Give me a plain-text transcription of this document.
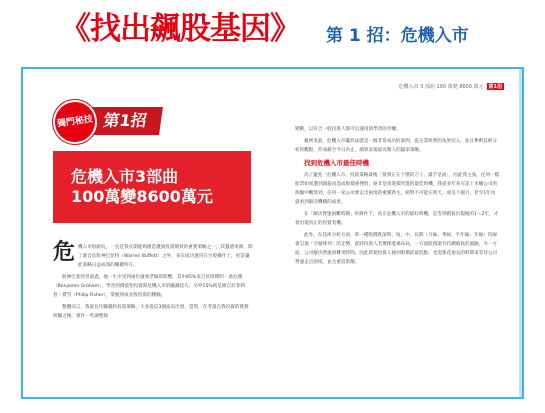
《找出飆股基因》 第 1 招：危機入市
危機入市 3 部曲 100 萬變 8600 萬元 第1招
獨門秘技 第1招
危機入市3部曲
100萬變8600萬元

危機入市很耐玩，一直是我長期能夠創造優異投資績效的重要策略之一，其靈感來源，除了源自於股神巴菲特（Warren Buffett）之外，多次成功運用在台股操作上，更是讓此策略日益成熟的關鍵所在。

股神巴菲特曾說過，他一生中受到兩位啟蒙老師的影響，其中85%來自於班傑明・葛拉漢（Benjamin Graham），學習到價值型投資與危機入市的賺錢技巧，另外15%則是源自於菲利普・費雪（Philip Fisher），掌握到成長股投資的精髓。

整體而言，我從長年賺錢的投資策略，大多從這3個面向出發，當然，在考量自我投資的實務經驗之後，會作一些調整與

變動，以符合一般投資人都可以運用與學習的步驟。

藉例來說，危機入市擺放法就是一個非常成功的案例，從企業經營的角度切入，並且參酌技術分析的觀點，形成截至今日為止，績效表現最為驚人的贏家策略。

找到危機入市最佳時機

為了避免「危機入市」投資策略最後「接到正在下墜的刀子，滿手是血」，因此我主張，任何一檔股票如果遭到錯殺而造成股價重挫時，絕非是馬進價買進的最佳時機，我從多年來在設上市櫃公司的經驗中觀察到，任何一家公司要走出困境的重獲新生，絕對不可能在明天，或是下個月，甚至1年內就看到解決機構的成果。

在「解決營運困難時期」的條件下，真正危機入市的最好時機，是等到錯殺出現後的1～2年，才會出現真正的投資契機。

此外，在技術分析方面，單一種股價跌深時、短、中、長期（月線、季線、半年線、年線）均線會呈現「空頭排列」的走勢，此時投資人若選擇進場布局，一方面股價還有持續破底的風險，另一方面，公司解決營運困難更時間，因此即使投資人撿到股價的最低點，也需要花很長的時間來等待公司營運走出困境，並且重返榮耀。
